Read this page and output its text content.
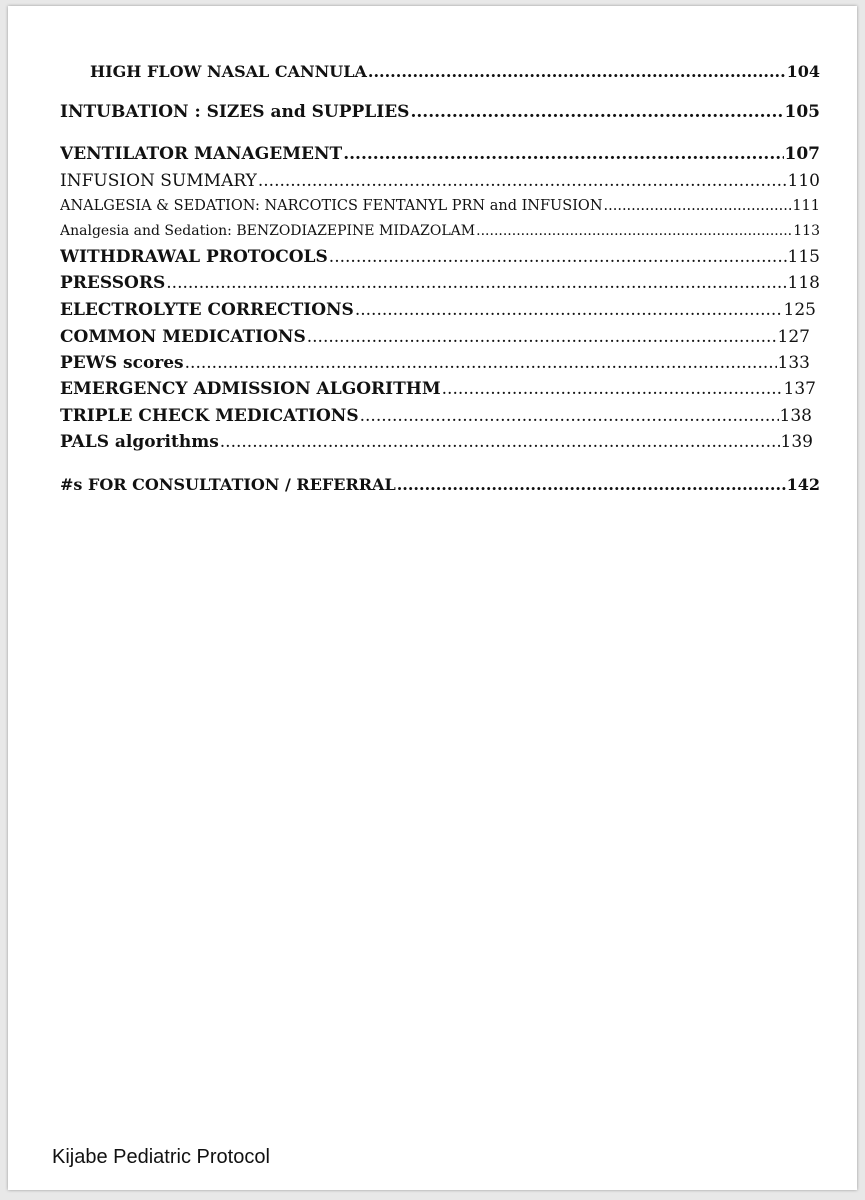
HIGH FLOW NASAL CANNULA .....	104
INTUBATION : SIZES and SUPPLIES .....	105
VENTILATOR MANAGEMENT .....	107
INFUSION SUMMARY .....	110
ANALGESIA & SEDATION: NARCOTICS FENTANYL PRN and INFUSION .....	111
Analgesia and Sedation: BENZODIAZEPINE MIDAZOLAM .....	113
WITHDRAWAL PROTOCOLS .....	115
PRESSORS .....	118
ELECTROLYTE CORRECTIONS .....	125
COMMON MEDICATIONS .....	127
PEWS scores .....	133
EMERGENCY ADMISSION ALGORITHM .....	137
TRIPLE CHECK MEDICATIONS .....	138
PALS algorithms .....	139
#s FOR CONSULTATION / REFERRAL .....	142
Kijabe Pediatric Protocol
